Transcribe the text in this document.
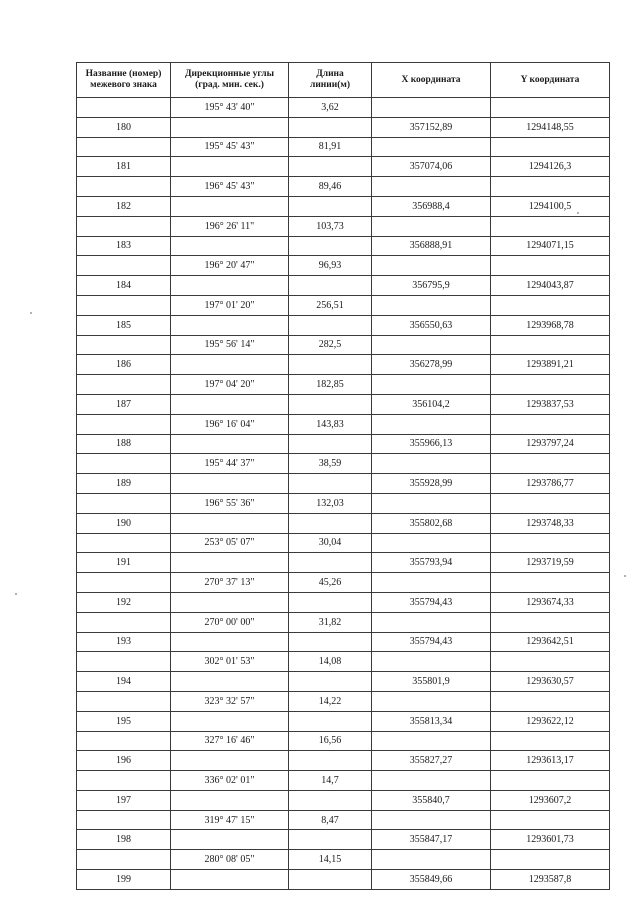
Название (номер)
межевого знака	Дирекционные углы
(град. мин. сек.)	Длина
линии(м)	X координата	Y координата
	195° 43' 40"	3,62		
180			357152,89	1294148,55
	195° 45' 43"	81,91		
181			357074,06	1294126,3
	196° 45' 43"	89,46		
182			356988,4	1294100,5
	196° 26' 11"	103,73		
183			356888,91	1294071,15
	196° 20' 47"	96,93		
184			356795,9	1294043,87
	197° 01' 20"	256,51		
185			356550,63	1293968,78
	195° 56' 14"	282,5		
186			356278,99	1293891,21
	197° 04' 20"	182,85		
187			356104,2	1293837,53
	196° 16' 04"	143,83		
188			355966,13	1293797,24
	195° 44' 37"	38,59		
189			355928,99	1293786,77
	196° 55' 36"	132,03		
190			355802,68	1293748,33
	253° 05' 07"	30,04		
191			355793,94	1293719,59
	270° 37' 13"	45,26		
192			355794,43	1293674,33
	270° 00' 00"	31,82		
193			355794,43	1293642,51
	302° 01' 53"	14,08		
194			355801,9	1293630,57
	323° 32' 57"	14,22		
195			355813,34	1293622,12
	327° 16' 46"	16,56		
196			355827,27	1293613,17
	336° 02' 01"	14,7		
197			355840,7	1293607,2
	319° 47' 15"	8,47		
198			355847,17	1293601,73
	280° 08' 05"	14,15		
199			355849,66	1293587,8
